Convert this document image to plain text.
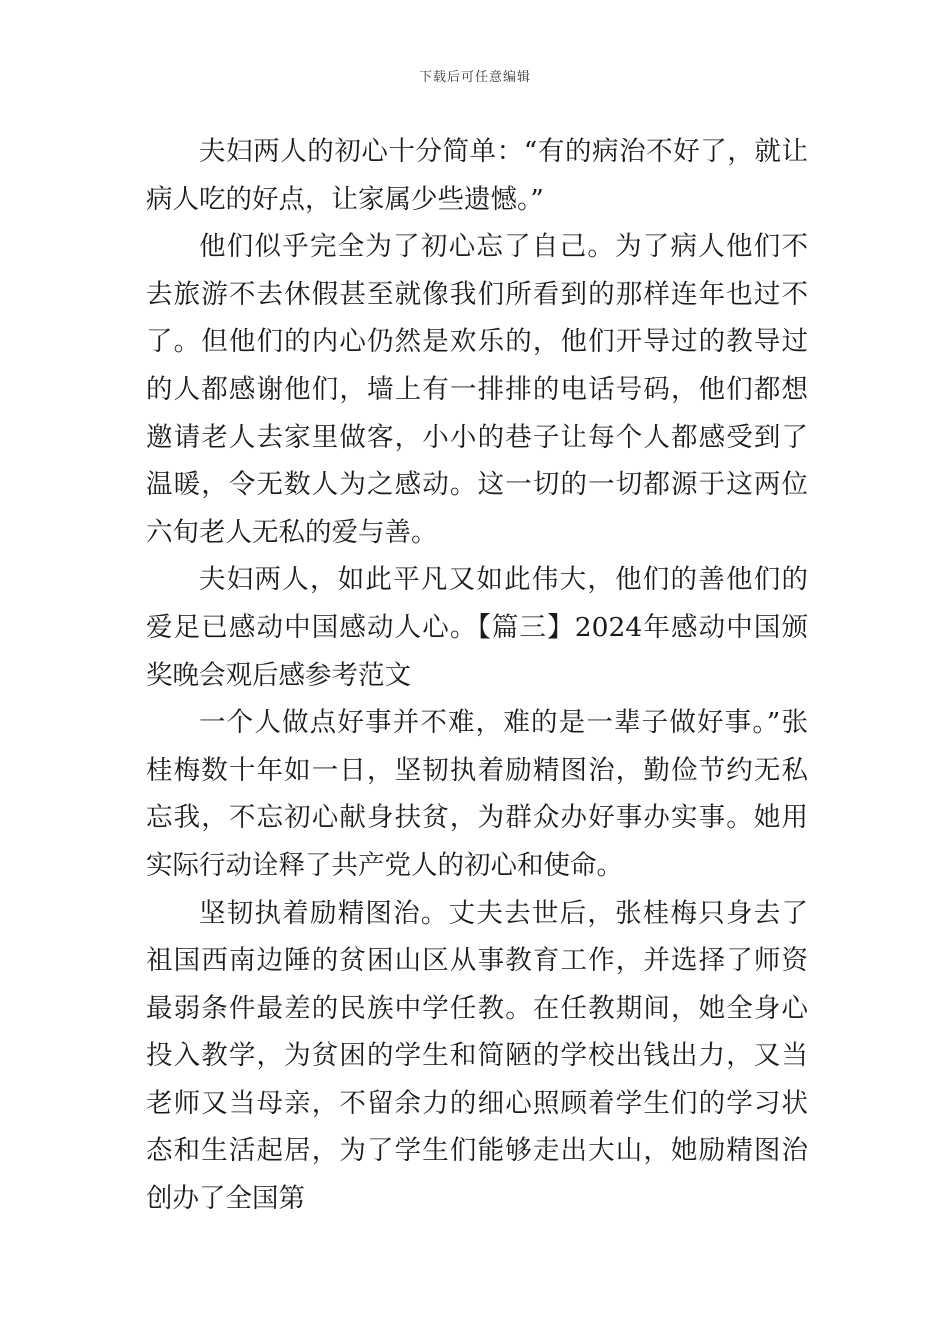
下载后可任意编辑

夫妇两人的初心十分简单：“有的病治不好了，就让病人吃的好点，让家属少些遗憾。”

他们似乎完全为了初心忘了自己。为了病人他们不去旅游不去休假甚至就像我们所看到的那样连年也过不了。但他们的内心仍然是欢乐的，他们开导过的教导过的人都感谢他们，墙上有一排排的电话号码，他们都想邀请老人去家里做客，小小的巷子让每个人都感受到了温暖，令无数人为之感动。这一切的一切都源于这两位六旬老人无私的爱与善。

夫妇两人，如此平凡又如此伟大，他们的善他们的爱足已感动中国感动人心。【篇三】2024年感动中国颁奖晚会观后感参考范文

一个人做点好事并不难，难的是一辈子做好事。”张桂梅数十年如一日，坚韧执着励精图治，勤俭节约无私忘我，不忘初心献身扶贫，为群众办好事办实事。她用实际行动诠释了共产党人的初心和使命。

坚韧执着励精图治。丈夫去世后，张桂梅只身去了祖国西南边陲的贫困山区从事教育工作，并选择了师资最弱条件最差的民族中学任教。在任教期间，她全身心投入教学，为贫困的学生和简陋的学校出钱出力，又当老师又当母亲，不留余力的细心照顾着学生们的学习状态和生活起居，为了学生们能够走出大山，她励精图治创办了全国第
